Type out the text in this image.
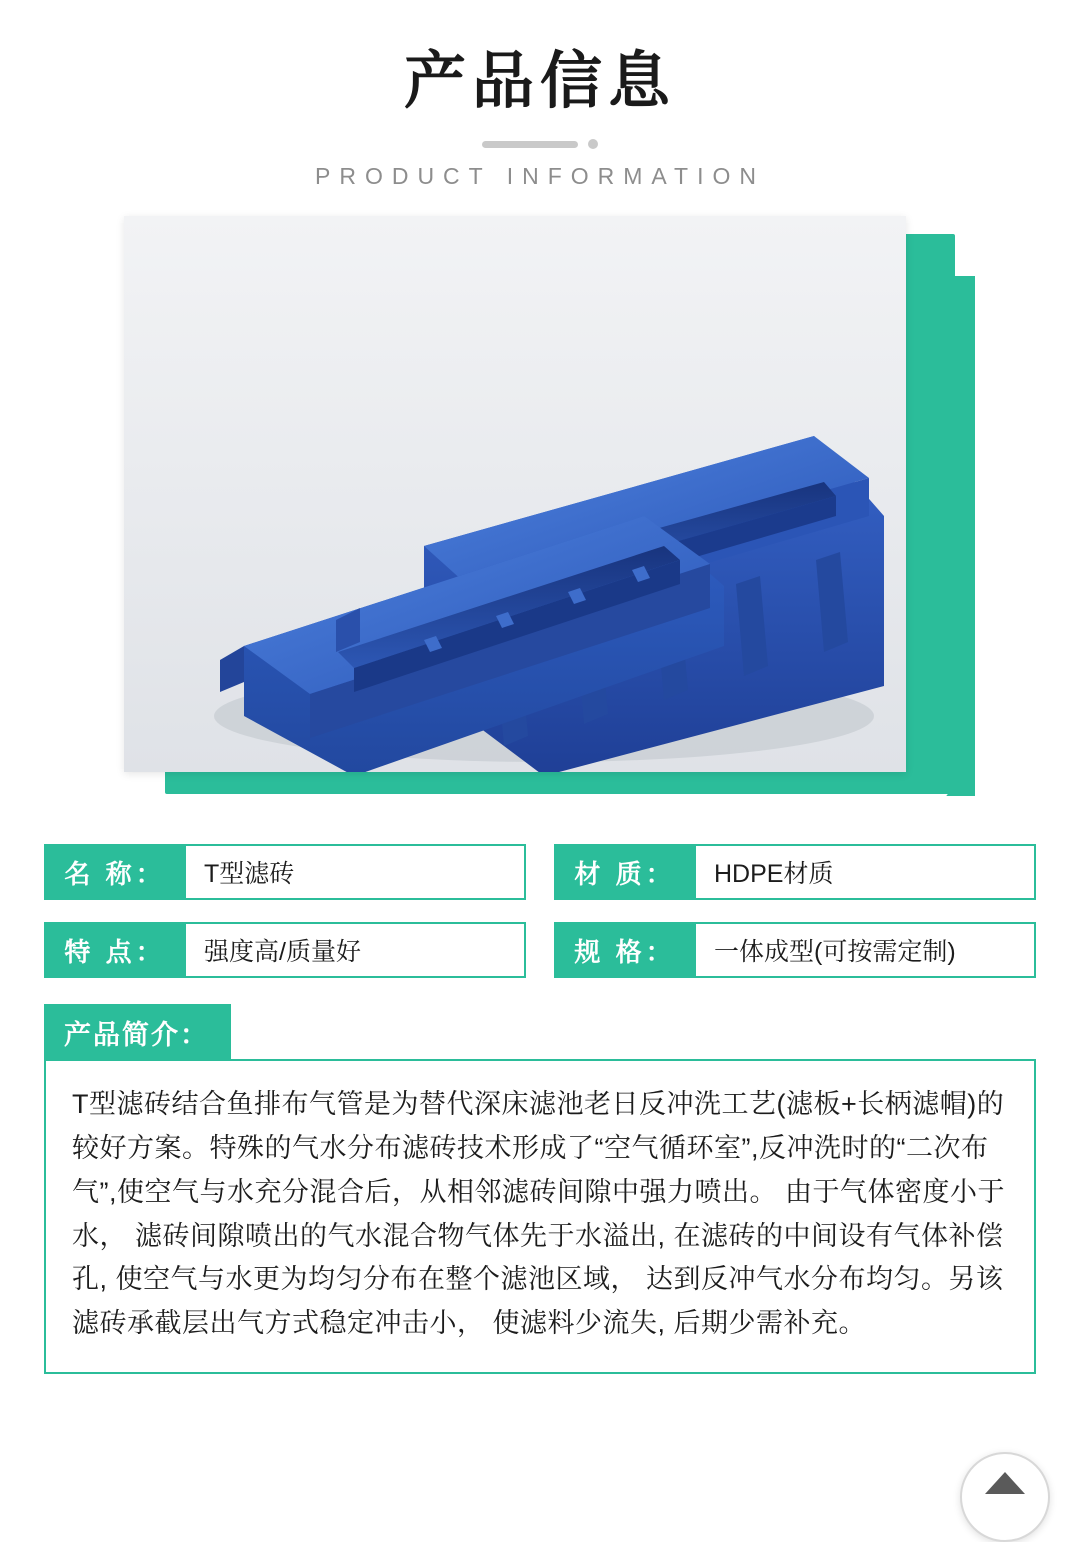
产品信息

PRODUCT INFORMATION

名 称：	T型滤砖	材 质：	HDPE材质
特 点：	强度高/质量好	规 格：	一体成型(可按需定制)
产品简介：
T型滤砖结合鱼排布气管是为替代深床滤池老日反冲洗工艺(滤板+长柄滤帽)的较好方案。特殊的气水分布滤砖技术形成了“空气循环室”,反冲洗时的“二次布气”,使空气与水充分混合后，从相邻滤砖间隙中强力喷出。 由于气体密度小于水， 滤砖间隙喷出的气水混合物气体先于水溢出, 在滤砖的中间设有气体补偿孔, 使空气与水更为均匀分布在整个滤池区域， 达到反冲气水分布均匀。另该滤砖承截层出气方式稳定冲击小， 使滤料少流失, 后期少需补充。
